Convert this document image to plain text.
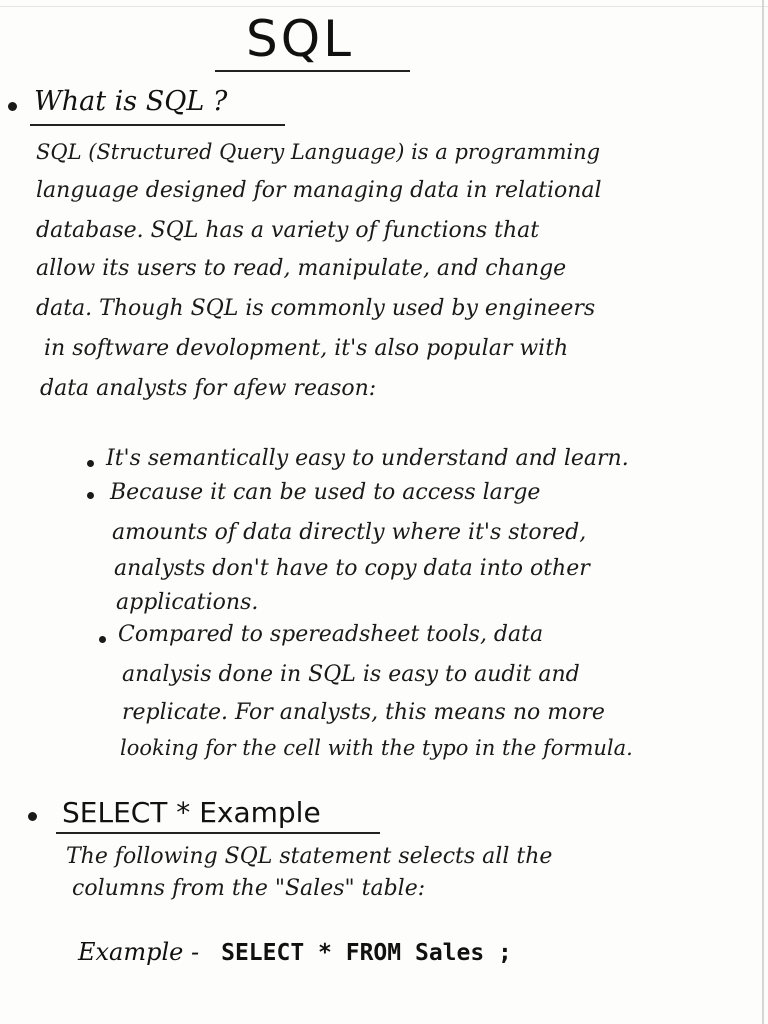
SQL
What is SQL ?
SQL (Structured Query Language) is a programming
language designed for managing data in relational
database. SQL has a variety of functions that
allow its users to read, manipulate, and change
data. Though SQL is commonly used by engineers
in software devolopment, it's also popular with
data analysts for afew reason:
It's semantically easy to understand and learn.
Because it can be used to access large
amounts of data directly where it's stored,
analysts don't have to copy data into other
applications.
Compared to spereadsheet tools, data
analysis done in SQL is easy to audit and
replicate. For analysts, this means no more
looking for the cell with the typo in the formula.
SELECT * Example
The following SQL statement selects all the
columns from the "Sales" table:
Example - SELECT * FROM Sales ;
